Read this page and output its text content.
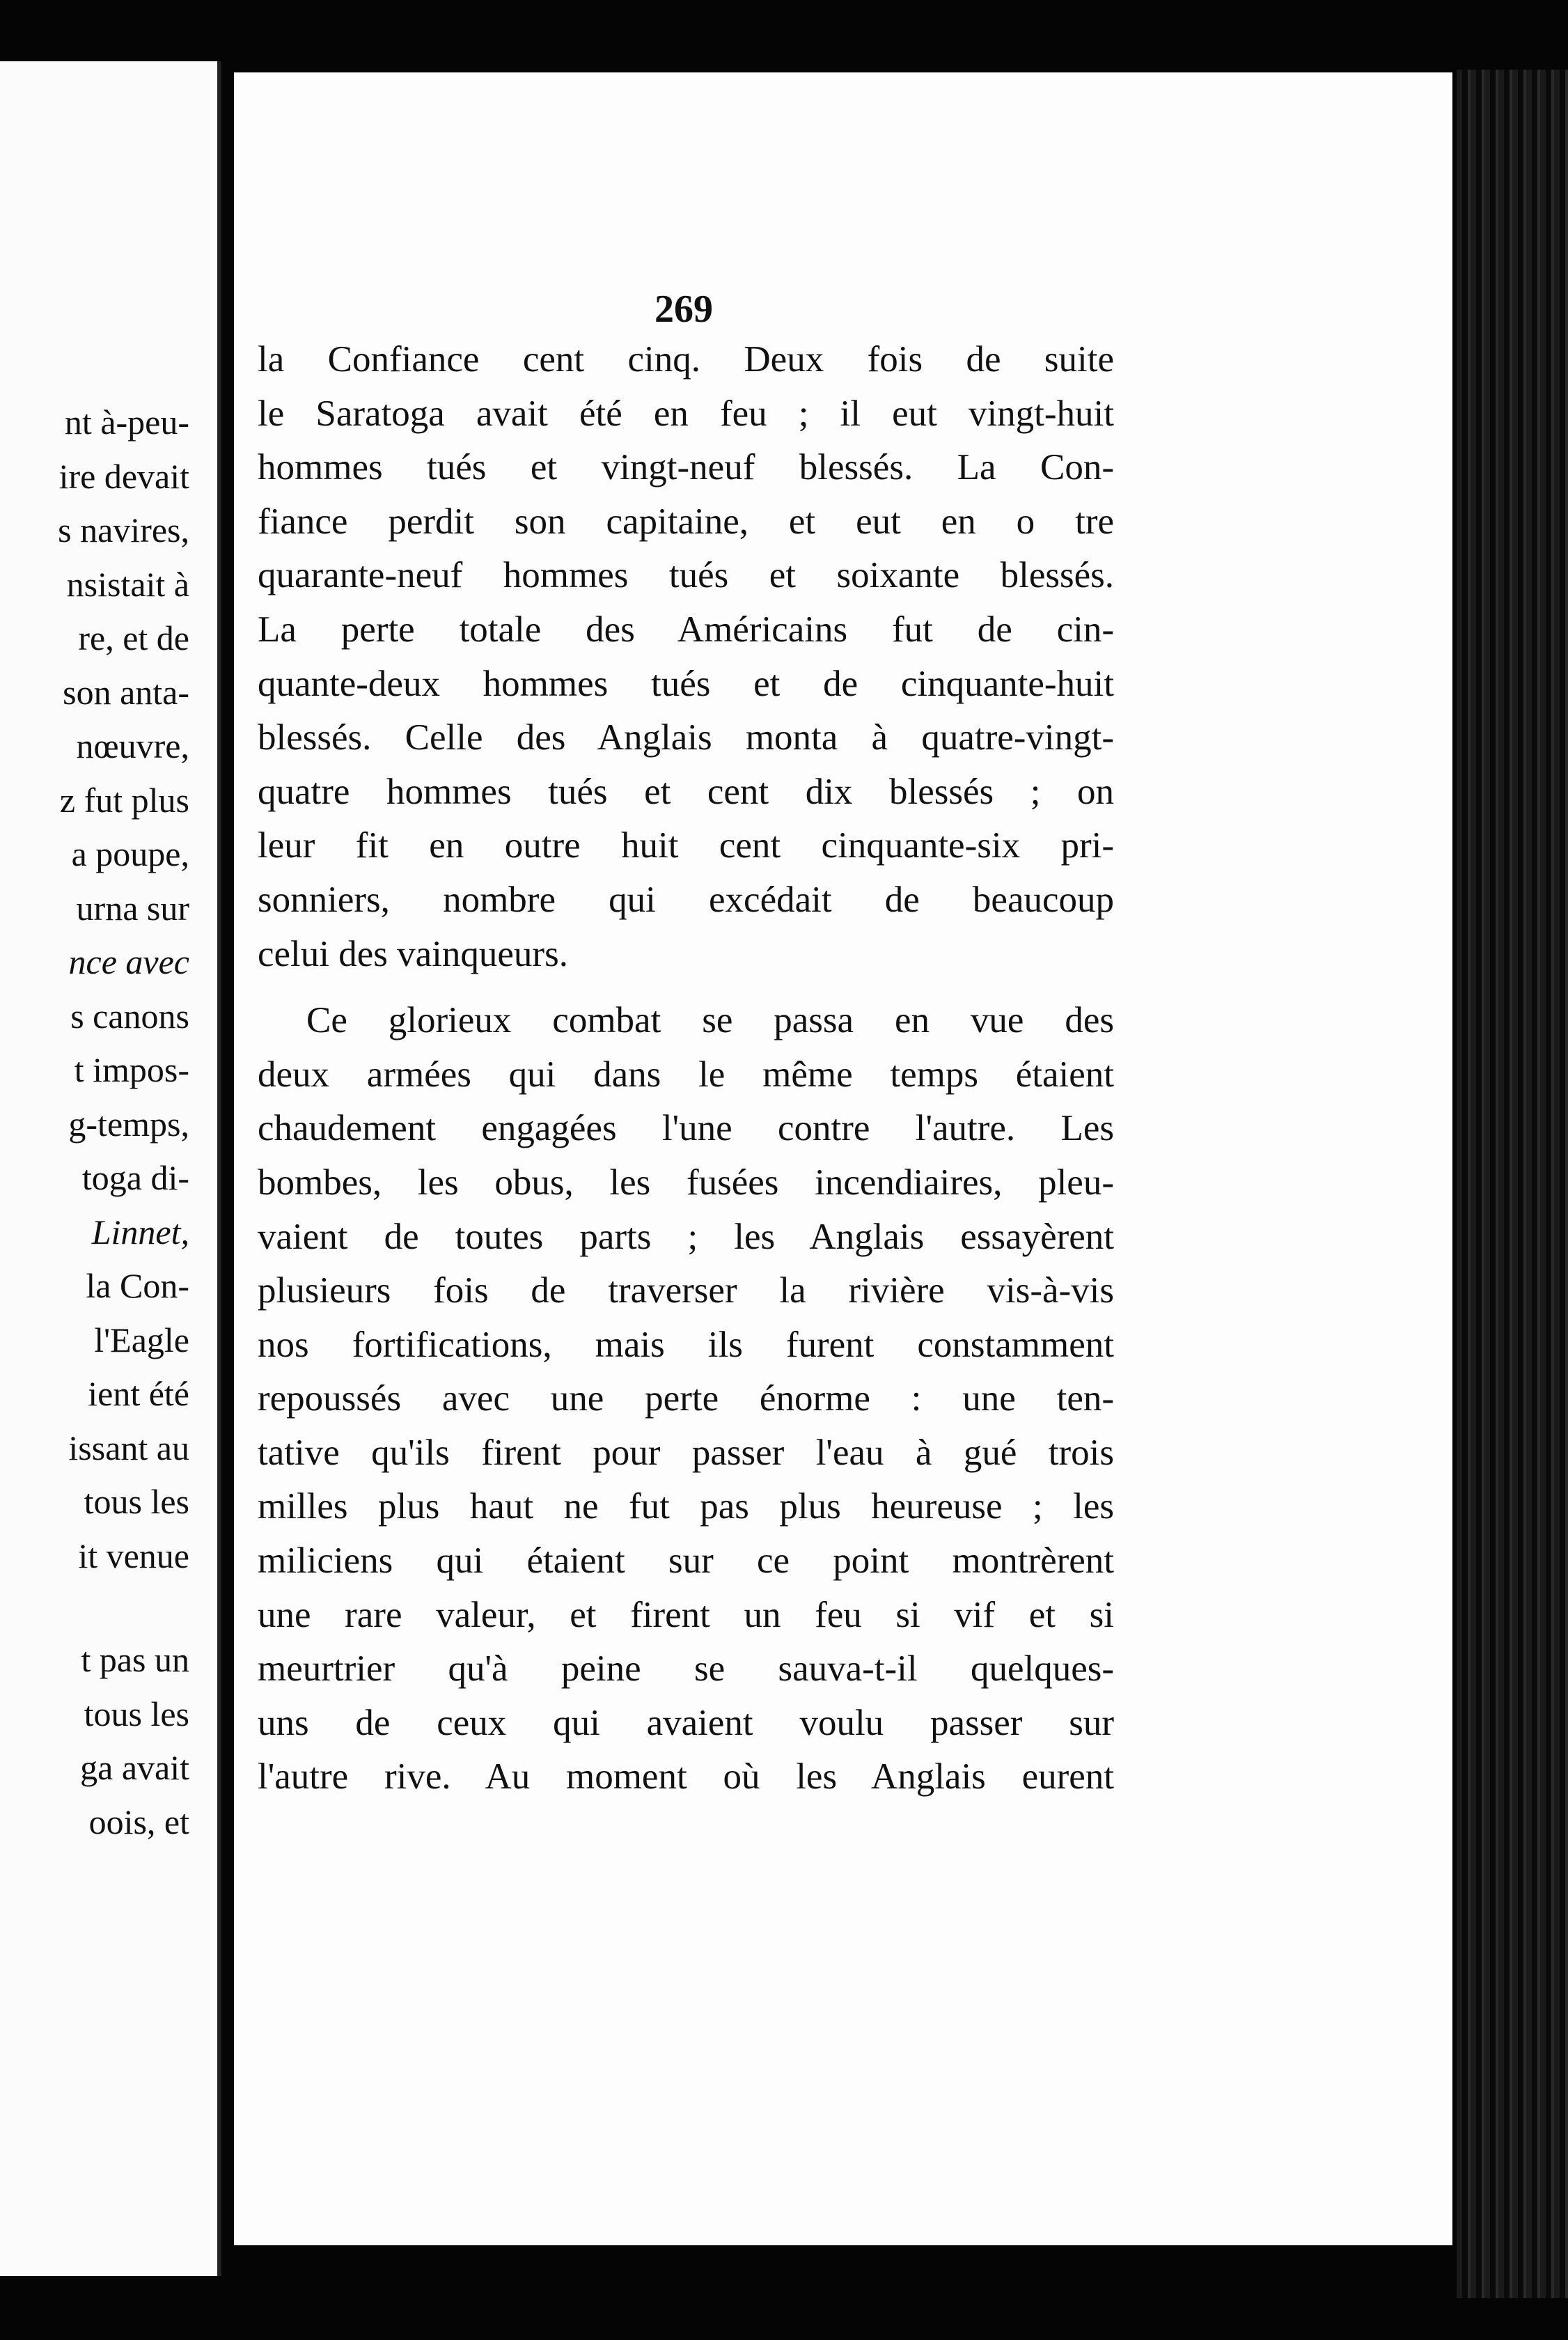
nt à-peu-
ire devait
s navires,
nsistait à
re, et de
son anta-
nœuvre,
z fut plus
a poupe,
urna sur
nce avec
s canons
t impos-
g-temps,
toga di-
Linnet,
la Con-
l'Eagle
ient été
issant au
tous les
it venue
t pas un
tous les
ga avait
oois, et
269
la Confiance cent cinq. Deux fois de suite
le Saratoga avait été en feu ; il eut vingt-huit
hommes tués et vingt-neuf blessés. La Con-
fiance perdit son capitaine, et eut en o tre
quarante-neuf hommes tués et soixante blessés.
La perte totale des Américains fut de cin-
quante-deux hommes tués et de cinquante-huit
blessés. Celle des Anglais monta à quatre-vingt-
quatre hommes tués et cent dix blessés ; on
leur fit en outre huit cent cinquante-six pri-
sonniers, nombre qui excédait de beaucoup
celui des vainqueurs.
Ce glorieux combat se passa en vue des
deux armées qui dans le même temps étaient
chaudement engagées l'une contre l'autre. Les
bombes, les obus, les fusées incendiaires, pleu-
vaient de toutes parts ; les Anglais essayèrent
plusieurs fois de traverser la rivière vis-à-vis
nos fortifications, mais ils furent constamment
repoussés avec une perte énorme : une ten-
tative qu'ils firent pour passer l'eau à gué trois
milles plus haut ne fut pas plus heureuse ; les
miliciens qui étaient sur ce point montrèrent
une rare valeur, et firent un feu si vif et si
meurtrier qu'à peine se sauva-t-il quelques-
uns de ceux qui avaient voulu passer sur
l'autre rive. Au moment où les Anglais eurent
